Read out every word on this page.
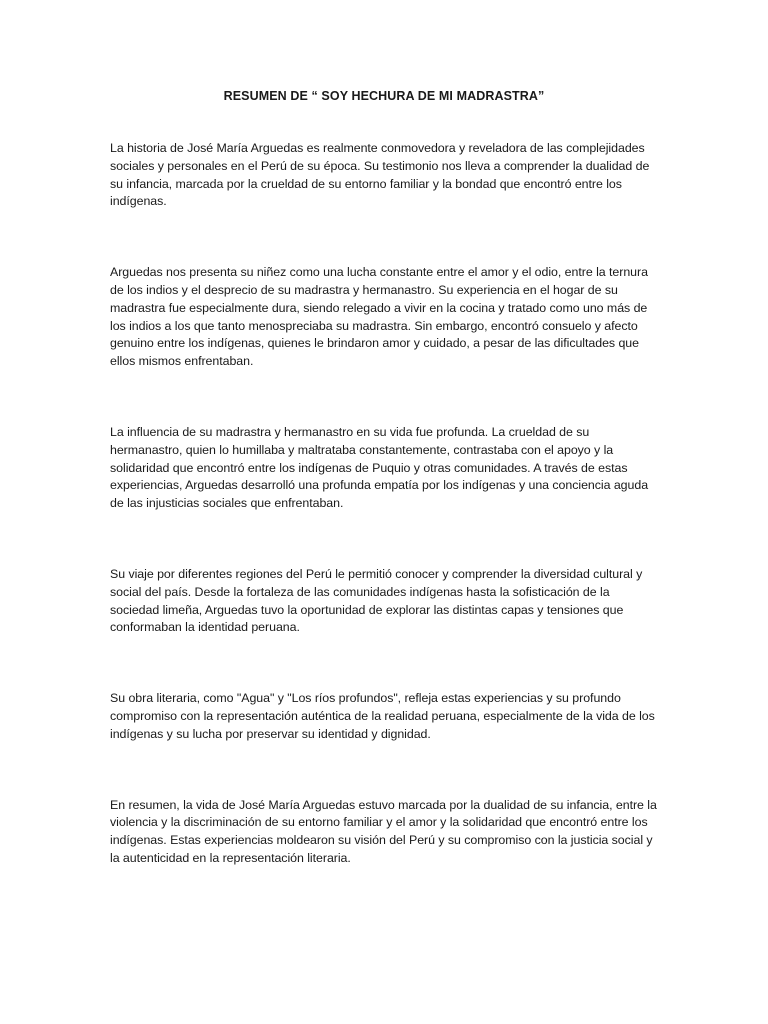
RESUMEN DE “ SOY HECHURA DE MI MADRASTRA”

La historia de José María Arguedas es realmente conmovedora y reveladora de las complejidades sociales y personales en el Perú de su época. Su testimonio nos lleva a comprender la dualidad de su infancia, marcada por la crueldad de su entorno familiar y la bondad que encontró entre los indígenas.

Arguedas nos presenta su niñez como una lucha constante entre el amor y el odio, entre la ternura de los indios y el desprecio de su madrastra y hermanastro. Su experiencia en el hogar de su madrastra fue especialmente dura, siendo relegado a vivir en la cocina y tratado como uno más de los indios a los que tanto menospreciaba su madrastra. Sin embargo, encontró consuelo y afecto genuino entre los indígenas, quienes le brindaron amor y cuidado, a pesar de las dificultades que ellos mismos enfrentaban.

La influencia de su madrastra y hermanastro en su vida fue profunda. La crueldad de su hermanastro, quien lo humillaba y maltrataba constantemente, contrastaba con el apoyo y la solidaridad que encontró entre los indígenas de Puquio y otras comunidades. A través de estas experiencias, Arguedas desarrolló una profunda empatía por los indígenas y una conciencia aguda de las injusticias sociales que enfrentaban.

Su viaje por diferentes regiones del Perú le permitió conocer y comprender la diversidad cultural y social del país. Desde la fortaleza de las comunidades indígenas hasta la sofisticación de la sociedad limeña, Arguedas tuvo la oportunidad de explorar las distintas capas y tensiones que conformaban la identidad peruana.

Su obra literaria, como "Agua" y "Los ríos profundos", refleja estas experiencias y su profundo compromiso con la representación auténtica de la realidad peruana, especialmente de la vida de los indígenas y su lucha por preservar su identidad y dignidad.

En resumen, la vida de José María Arguedas estuvo marcada por la dualidad de su infancia, entre la violencia y la discriminación de su entorno familiar y el amor y la solidaridad que encontró entre los indígenas. Estas experiencias moldearon su visión del Perú y su compromiso con la justicia social y la autenticidad en la representación literaria.
